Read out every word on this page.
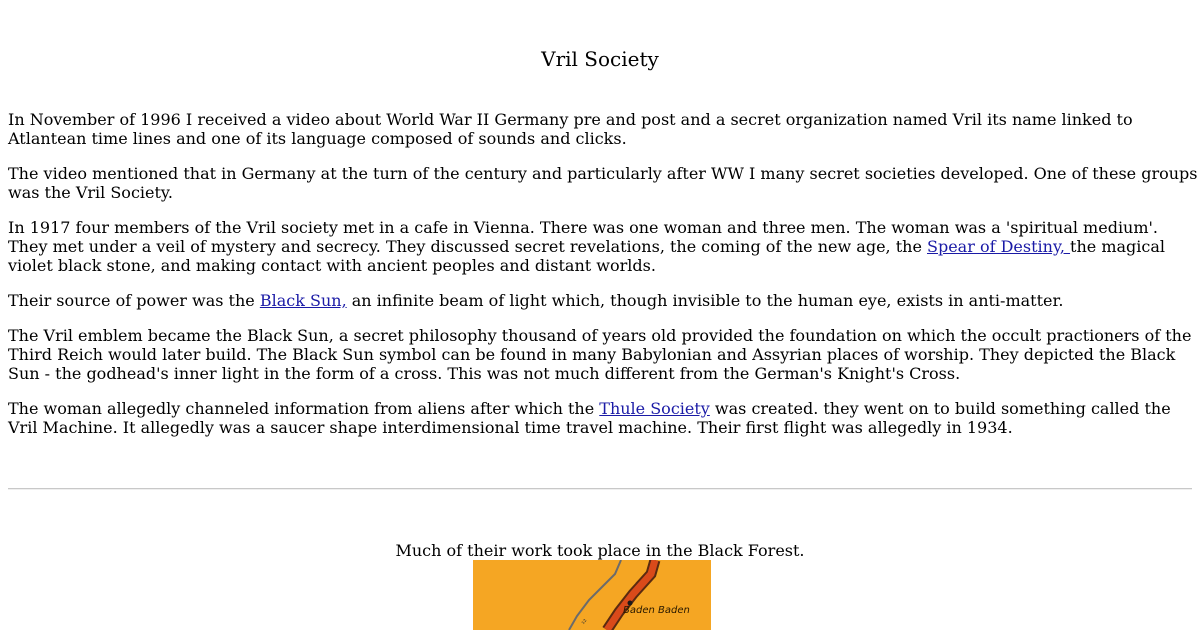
Vril Society

In November of 1996 I received a video about World War II Germany pre and post and a secret organization named Vril its name linked to Atlantean time lines and one of its language composed of sounds and clicks.

The video mentioned that in Germany at the turn of the century and particularly after WW I many secret societies developed. One of these groups was the Vril Society.

In 1917 four members of the Vril society met in a cafe in Vienna. There was one woman and three men. The woman was a 'spiritual medium'. They met under a veil of mystery and secrecy. They discussed secret revelations, the coming of the new age, the Spear of Destiny, the magical violet black stone, and making contact with ancient peoples and distant worlds.

Their source of power was the Black Sun, an infinite beam of light which, though invisible to the human eye, exists in anti-matter.

The Vril emblem became the Black Sun, a secret philosophy thousand of years old provided the foundation on which the occult practioners of the Third Reich would later build. The Black Sun symbol can be found in many Babylonian and Assyrian places of worship. They depicted the Black Sun - the godhead's inner light in the form of a cross. This was not much different from the German's Knight's Cross.

The woman allegedly channeled information from aliens after which the Thule Society was created. they went on to build something called the Vril Machine. It allegedly was a saucer shape interdimensional time travel machine. Their first flight was allegedly in 1934.

Much of their work took place in the Black Forest.

¹²
Baden Baden
